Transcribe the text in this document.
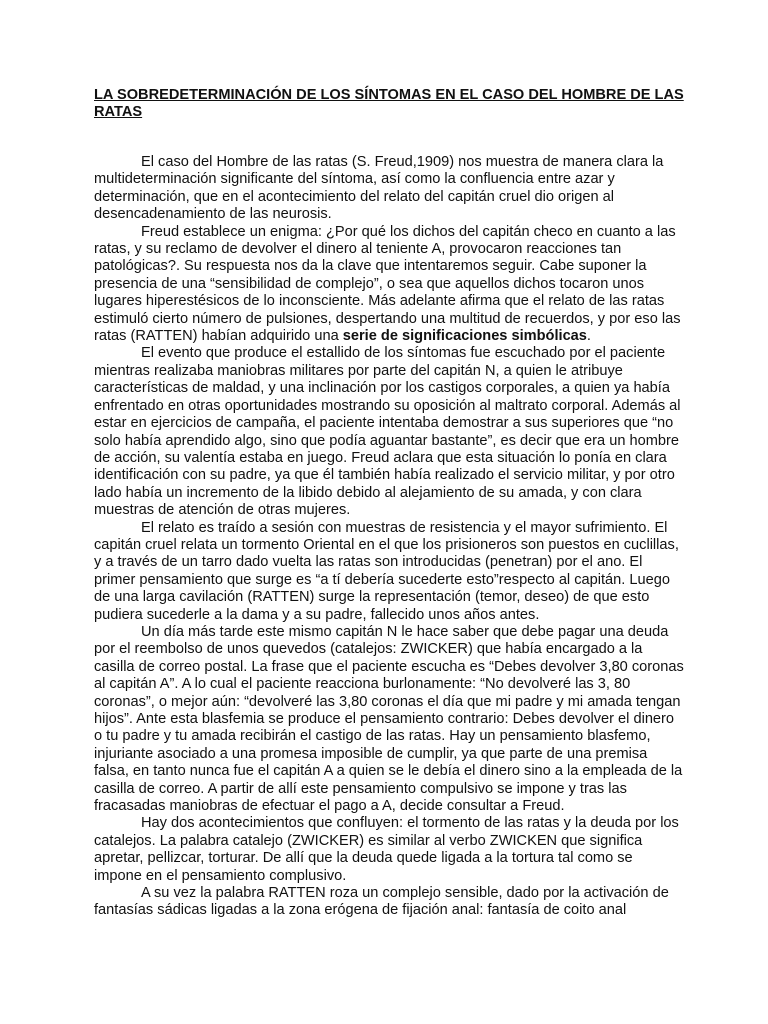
LA SOBREDETERMINACIÓN DE LOS SÍNTOMAS EN EL CASO DEL HOMBRE DE LAS RATAS

El caso del Hombre de las ratas (S. Freud,1909) nos muestra de manera clara la multideterminación significante del síntoma, así como la confluencia entre azar y determinación, que en el acontecimiento del relato del capitán cruel dio origen al desencadenamiento de las neurosis.

Freud establece un enigma: ¿Por qué los dichos del capitán checo en cuanto a las ratas, y su reclamo de devolver el dinero al teniente A, provocaron reacciones tan patológicas?. Su respuesta nos da la clave que intentaremos seguir. Cabe suponer la presencia de una “sensibilidad de complejo”, o sea que aquellos dichos tocaron unos lugares hiperestésicos de lo inconsciente. Más adelante afirma que el relato de las ratas estimuló cierto número de pulsiones, despertando una multitud de recuerdos, y por eso las ratas (RATTEN) habían adquirido una serie de significaciones simbólicas.

El evento que produce el estallido de los síntomas fue escuchado por el paciente mientras realizaba maniobras militares por parte del capitán N, a quien le atribuye características de maldad, y una inclinación por los castigos corporales, a quien ya había enfrentado en otras oportunidades mostrando su oposición al maltrato corporal. Además al estar en ejercicios de campaña, el paciente intentaba demostrar a sus superiores que “no solo había aprendido algo, sino que podía aguantar bastante”, es decir que era un hombre de acción, su valentía estaba en juego. Freud aclara que esta situación lo ponía en clara identificación con su padre, ya que él también había realizado el servicio militar, y por otro lado había un incremento de la libido debido al alejamiento de su amada, y con clara muestras de atención de otras mujeres.

El relato es traído a sesión con muestras de resistencia y el mayor sufrimiento. El capitán cruel relata un tormento Oriental en el que los prisioneros son puestos en cuclillas, y a través de un tarro dado vuelta las ratas son introducidas (penetran) por el ano. El primer pensamiento que surge es “a tí debería sucederte esto”respecto al capitán. Luego de una larga cavilación (RATTEN) surge la representación (temor, deseo) de que esto pudiera sucederle a la dama y a su padre, fallecido unos años antes.

Un día más tarde este mismo capitán N le hace saber que debe pagar una deuda por el reembolso de unos quevedos (catalejos: ZWICKER) que había encargado a la casilla de correo postal. La frase que el paciente escucha es “Debes devolver 3,80 coronas al capitán A”. A lo cual el paciente reacciona burlonamente: “No devolveré las 3, 80 coronas”, o mejor aún: “devolveré las 3,80 coronas el día que mi padre y mi amada tengan hijos”. Ante esta blasfemia se produce el pensamiento contrario: Debes devolver el dinero o tu padre y tu amada recibirán el castigo de las ratas. Hay un pensamiento blasfemo, injuriante asociado a una promesa imposible de cumplir, ya que parte de una premisa falsa, en tanto nunca fue el capitán A a quien se le debía el dinero sino a la empleada de la casilla de correo. A partir de allí este pensamiento compulsivo se impone y tras las fracasadas maniobras de efectuar el pago a A, decide consultar a Freud.

Hay dos acontecimientos que confluyen: el tormento de las ratas y la deuda por los catalejos. La palabra catalejo (ZWICKER) es similar al verbo ZWICKEN que significa apretar, pellizcar, torturar. De allí que la deuda quede ligada a la tortura tal como se impone en el pensamiento complusivo.

A su vez la palabra RATTEN roza un complejo sensible, dado por la activación de fantasías sádicas ligadas a la zona erógena de fijación anal: fantasía de coito anal
